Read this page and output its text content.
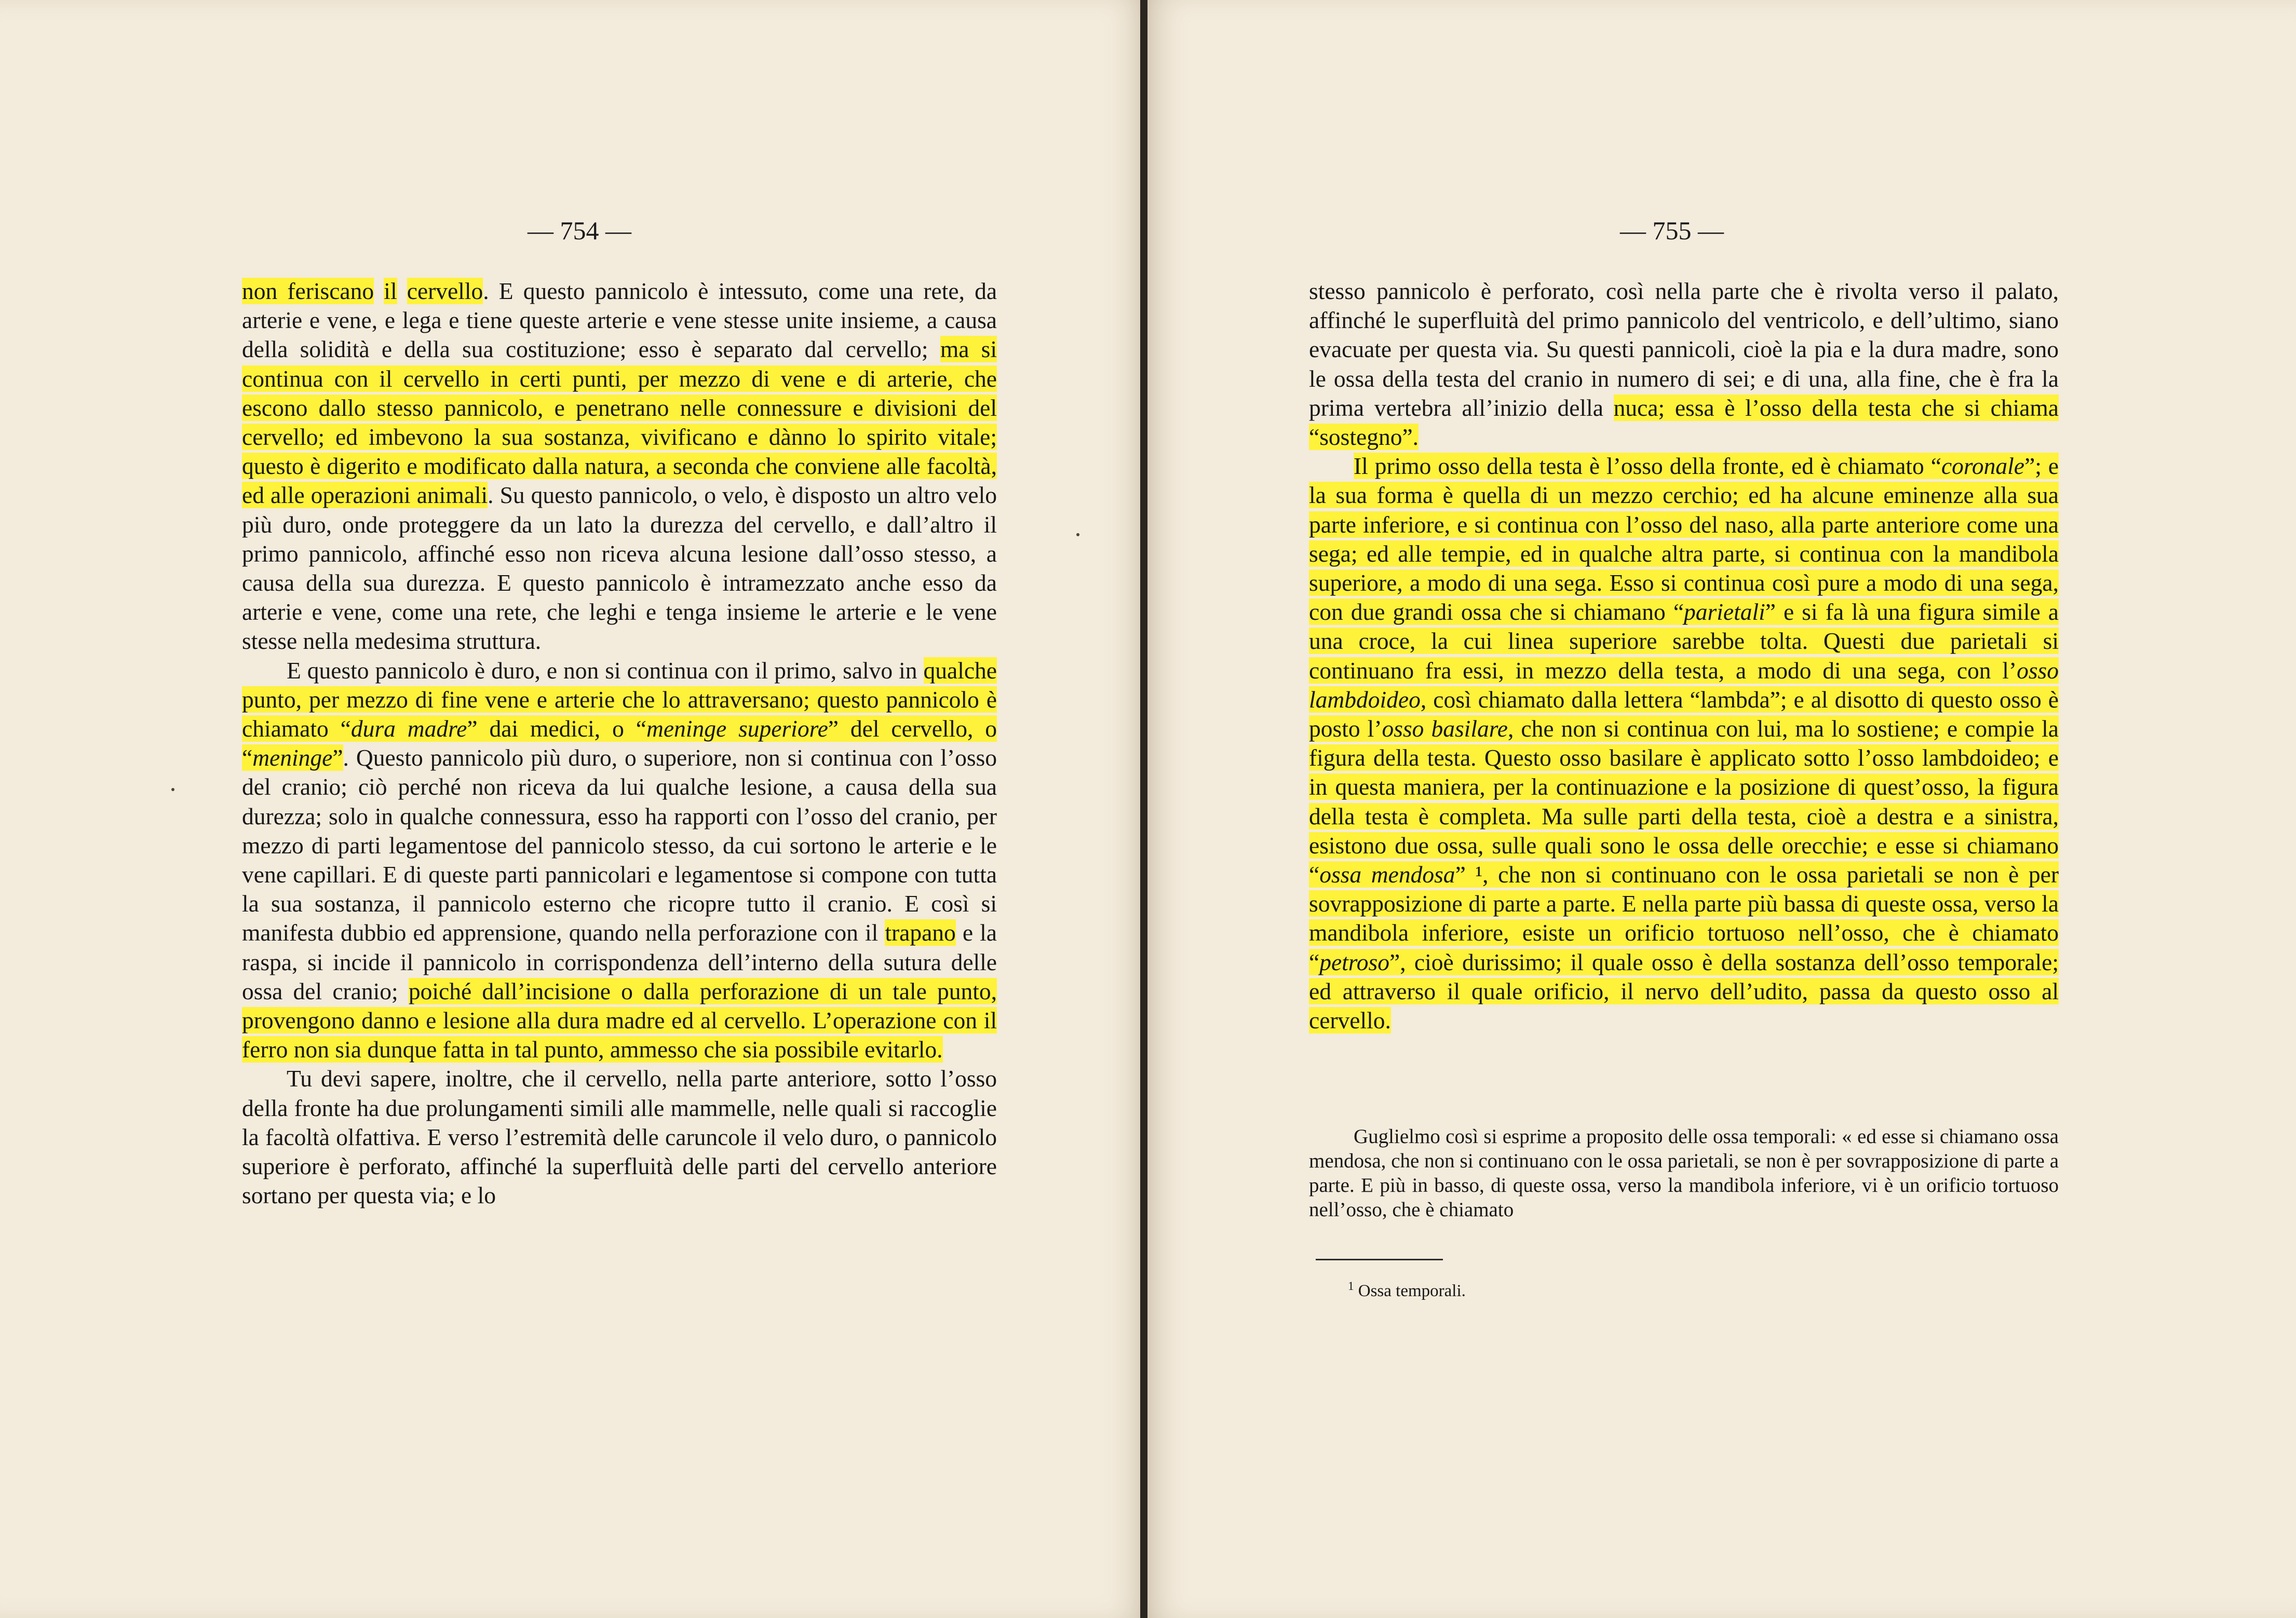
— 754 —

non feriscano il cervello. E questo pannicolo è intessuto, come una rete, da arterie e vene, e lega e tiene queste arterie e vene stesse unite insieme, a causa della solidità e della sua costituzione; esso è separato dal cervello; ma si continua con il cervello in certi punti, per mezzo di vene e di arterie, che escono dallo stesso pannicolo, e penetrano nelle connessure e divisioni del cervello; ed imbevono la sua sostanza, vivificano e dànno lo spirito vitale; questo è digerito e modificato dalla natura, a seconda che conviene alle facoltà, ed alle operazioni animali. Su questo pannicolo, o velo, è disposto un altro velo più duro, onde proteggere da un lato la durezza del cervello, e dall’altro il primo pannicolo, affinché esso non riceva alcuna lesione dall’osso stesso, a causa della sua durezza. E questo pannicolo è intramezzato anche esso da arterie e vene, come una rete, che leghi e tenga insieme le arterie e le vene stesse nella medesima struttura.

E questo pannicolo è duro, e non si continua con il primo, salvo in qualche punto, per mezzo di fine vene e arterie che lo attraversano; questo pannicolo è chiamato “dura madre” dai medici, o “meninge superiore” del cervello, o “meninge”. Questo pannicolo più duro, o superiore, non si continua con l’osso del cranio; ciò perché non riceva da lui qualche lesione, a causa della sua durezza; solo in qualche connessura, esso ha rapporti con l’osso del cranio, per mezzo di parti legamentose del pannicolo stesso, da cui sortono le arterie e le vene capillari. E di queste parti pannicolari e legamentose si compone con tutta la sua sostanza, il pannicolo esterno che ricopre tutto il cranio. E così si manifesta dubbio ed apprensione, quando nella perforazione con il trapano e la raspa, si incide il pannicolo in corrispondenza dell’interno della sutura delle ossa del cranio; poiché dall’incisione o dalla perforazione di un tale punto, provengono danno e lesione alla dura madre ed al cervello. L’operazione con il ferro non sia dunque fatta in tal punto, ammesso che sia possibile evitarlo.

Tu devi sapere, inoltre, che il cervello, nella parte anteriore, sotto l’osso della fronte ha due prolungamenti simili alle mammelle, nelle quali si raccoglie la facoltà olfattiva. E verso l’estremità delle caruncole il velo duro, o pannicolo superiore è perforato, affinché la superfluità delle parti del cervello anteriore sortano per questa via; e lo

— 755 —

stesso pannicolo è perforato, così nella parte che è rivolta verso il palato, affinché le superfluità del primo pannicolo del ventricolo, e dell’ultimo, siano evacuate per questa via. Su questi pannicoli, cioè la pia e la dura madre, sono le ossa della testa del cranio in numero di sei; e di una, alla fine, che è fra la prima vertebra all’inizio della nuca; essa è l’osso della testa che si chiama “sostegno”.

Il primo osso della testa è l’osso della fronte, ed è chiamato “coronale”; e la sua forma è quella di un mezzo cerchio; ed ha alcune eminenze alla sua parte inferiore, e si continua con l’osso del naso, alla parte anteriore come una sega; ed alle tempie, ed in qualche altra parte, si continua con la mandibola superiore, a modo di una sega. Esso si continua così pure a modo di una sega, con due grandi ossa che si chiamano “parietali” e si fa là una figura simile a una croce, la cui linea superiore sarebbe tolta. Questi due parietali si continuano fra essi, in mezzo della testa, a modo di una sega, con l’osso lambdoideo, così chiamato dalla lettera “lambda”; e al disotto di questo osso è posto l’osso basilare, che non si continua con lui, ma lo sostiene; e compie la figura della testa. Questo osso basilare è applicato sotto l’osso lambdoideo; e in questa maniera, per la continuazione e la posizione di quest’osso, la figura della testa è completa. Ma sulle parti della testa, cioè a destra e a sinistra, esistono due ossa, sulle quali sono le ossa delle orecchie; e esse si chiamano “ossa mendosa” ¹, che non si continuano con le ossa parietali se non è per sovrapposizione di parte a parte. E nella parte più bassa di queste ossa, verso la mandibola inferiore, esiste un orificio tortuoso nell’osso, che è chiamato “petroso”, cioè durissimo; il quale osso è della sostanza dell’osso temporale; ed attraverso il quale orificio, il nervo dell’udito, passa da questo osso al cervello.

Guglielmo così si esprime a proposito delle ossa temporali: « ed esse si chiamano ossa mendosa, che non si continuano con le ossa parietali, se non è per sovrapposizione di parte a parte. E più in basso, di queste ossa, verso la mandibola inferiore, vi è un orificio tortuoso nell’osso, che è chiamato
$^1$ Ossa temporali.
